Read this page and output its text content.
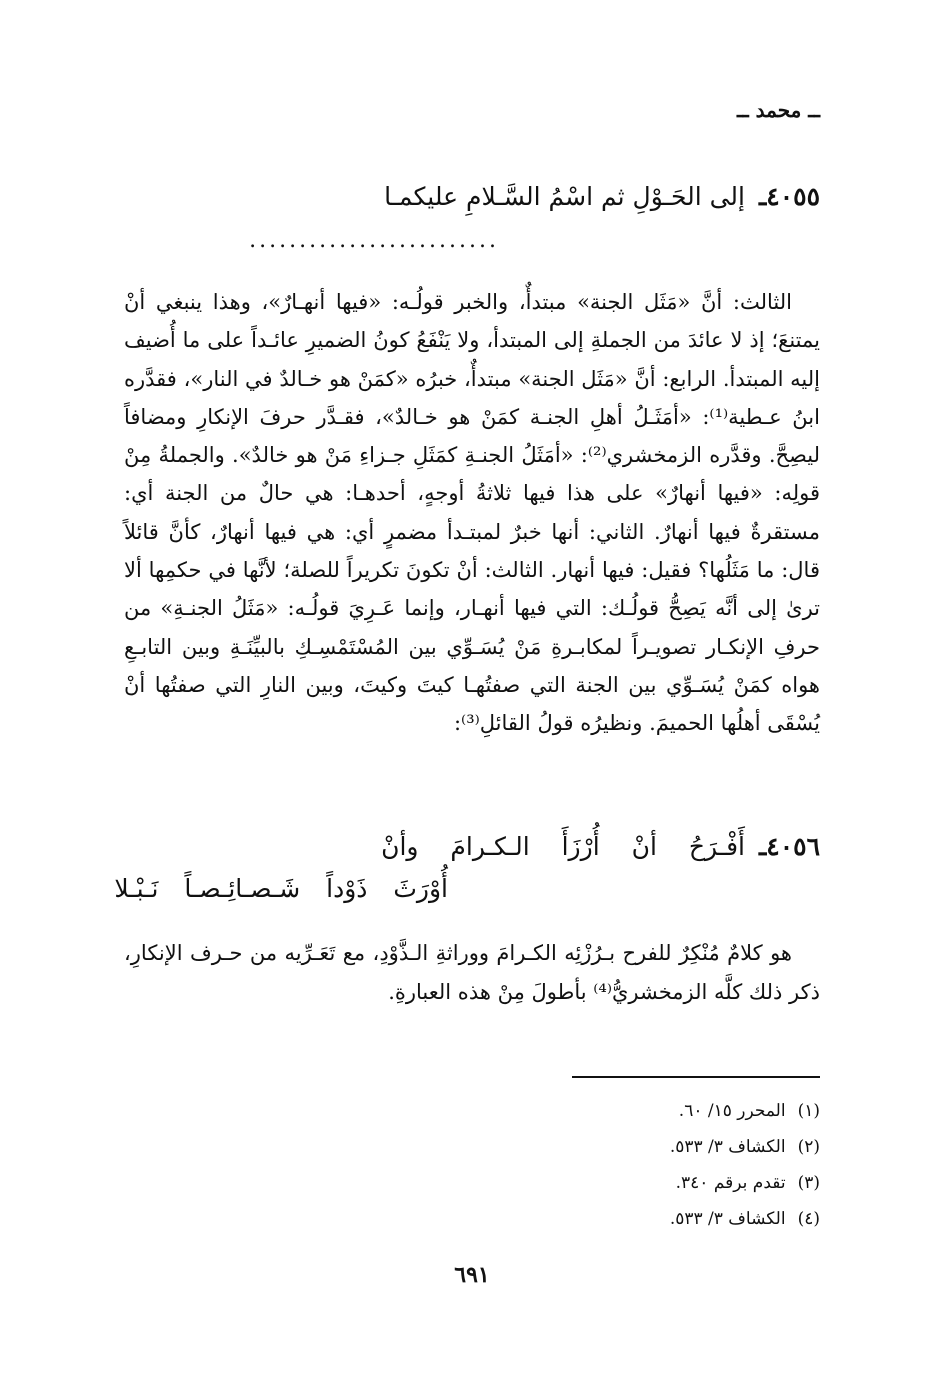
ــ محمد ــ
٤٠٥٥ـ إلى الحَـوْلِ ثم اسْمُ السَّـلامِ عليكمـا
.........................

الثالث: أنَّ «مَثَل الجنة» مبتدأٌ، والخبر قولُـه: «فيها أنهـارٌ»، وهذا ينبغي أنْ يمتنعَ؛ إذ لا عائدَ من الجملةِ إلى المبتدأ، ولا يَنْفَعُ كونُ الضميرِ عائـداً على ما أُضيف إليه المبتدأ. الرابع: أنَّ «مَثَل الجنة» مبتدأٌ، خبرُه «كمَنْ هو خـالدٌ في النار»، فقدَّره ابنُ عـطية⁽¹⁾: «أمَثَـلُ أهلِ الجنـة كمَنْ هو خـالدٌ»، فقـدَّر حرفَ الإنكارِ ومضافاً ليصِحَّ. وقدَّره الزمخشري⁽²⁾: «أمَثَلُ الجنـةِ كمَثَلِ جـزاءِ مَنْ هو خالدٌ». والجملةُ مِنْ قولِه: «فيها أنهارٌ» على هذا فيها ثلاثةُ أوجهٍ، أحدهـا: هي حالٌ من الجنة أي: مستقرةٌ فيها أنهارٌ. الثاني: أنها خبرٌ لمبتـدأ مضمرٍ أي: هي فيها أنهارٌ، كأنَّ قائلاً قال: ما مَثَلُها؟ فقيل: فيها أنهار. الثالث: أنْ تكونَ تكريراً للصلة؛ لأنَّها في حكمِها ألا ترىٰ إلى أنَّه يَصِحُّ قولُـك: التي فيها أنهـار، وإنما عَـرِيَ قولُـه: «مَثَلُ الجنـةِ» من حرفِ الإنكـار تصويـراً لمكابـرةِ مَنْ يُسَـوِّي بين المُسْتَمْسِـكِ بالبيِّنَـةِ وبين التابـعِ هواه كمَنْ يُسَـوِّي بين الجنة التي صفتُهـا كيتَ وكيتَ، وبين النارِ التي صفتُها أنْ يُسْقَى أهلُها الحميمَ. ونظيرُه قولُ القائلِ⁽³⁾:

٤٠٥٦ـ أَفْـرَحُ أنْ أُرْزَأَ الـكـرامَ وأنْ
أُوْرَثَ ذَوْداً شَـصـائِـصـاً نَـبْـلا

هو كلامٌ مُنْكِرٌ للفرح بـرُزْئِه الكـرامَ ووراثةِ الـذَّوْدِ، مع تَعَـرِّيه من حـرف الإنكارِ، ذكر ذلك كلَّه الزمخشريُّ⁽⁴⁾ بأطولَ مِنْ هذه العبارةِ.

(١)المحرر ١٥/ ٦٠.
(٢)الكشاف ٣/ ٥٣٣.
(٣)تقدم برقم ٣٤٠.
(٤)الكشاف ٣/ ٥٣٣.
٦٩١
